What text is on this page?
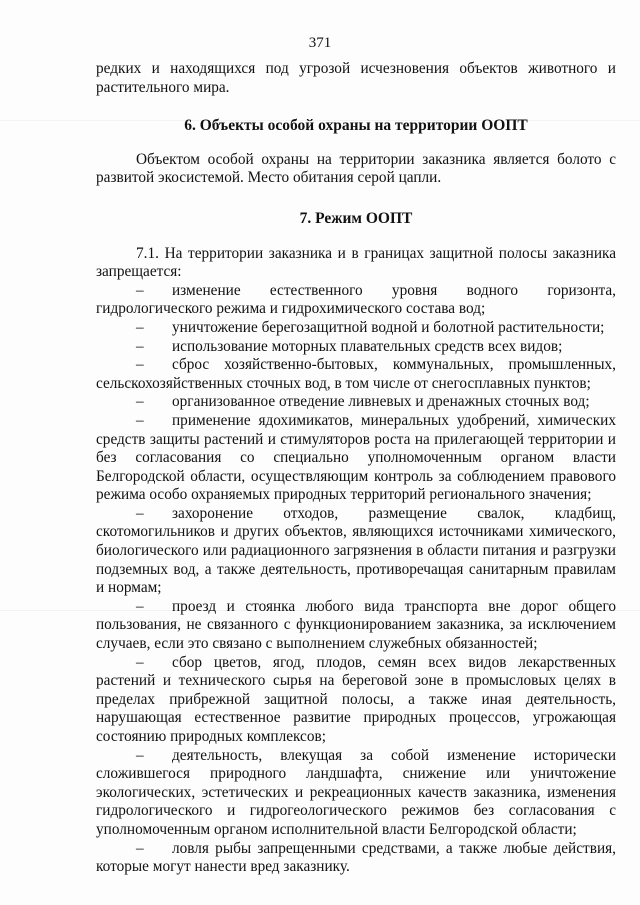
371

редких и находящихся под угрозой исчезновения объектов животного и растительного мира.

6. Объекты особой охраны на территории ООПТ

Объектом особой охраны на территории заказника является болото с развитой экосистемой. Место обитания серой цапли.

7. Режим ООПТ

7.1. На территории заказника и в границах защитной полосы заказника запрещается:

– изменение естественного уровня водного горизонта, гидрологического режима и гидрохимического состава вод;

– уничтожение берегозащитной водной и болотной растительности;

– использование моторных плавательных средств всех видов;

– сброс хозяйственно-бытовых, коммунальных, промышленных, сельскохозяйственных сточных вод, в том числе от снегосплавных пунктов;

– организованное отведение ливневых и дренажных сточных вод;

– применение ядохимикатов, минеральных удобрений, химических средств защиты растений и стимуляторов роста на прилегающей территории и без согласования со специально уполномоченным органом власти Белгородской области, осуществляющим контроль за соблюдением правового режима особо охраняемых природных территорий регионального значения;

– захоронение отходов, размещение свалок, кладбищ, скотомогильников и других объектов, являющихся источниками химического, биологического или радиационного загрязнения в области питания и разгрузки подземных вод, а также деятельность, противоречащая санитарным правилам и нормам;

– проезд и стоянка любого вида транспорта вне дорог общего пользования, не связанного с функционированием заказника, за исключением случаев, если это связано с выполнением служебных обязанностей;

– сбор цветов, ягод, плодов, семян всех видов лекарственных растений и технического сырья на береговой зоне в промысловых целях в пределах прибрежной защитной полосы, а также иная деятельность, нарушающая естественное развитие природных процессов, угрожающая состоянию природных комплексов;

– деятельность, влекущая за собой изменение исторически сложившегося природного ландшафта, снижение или уничтожение экологических, эстетических и рекреационных качеств заказника, изменения гидрологического и гидрогеологического режимов без согласования с уполномоченным органом исполнительной власти Белгородской области;

– ловля рыбы запрещенными средствами, а также любые действия, которые могут нанести вред заказнику.
